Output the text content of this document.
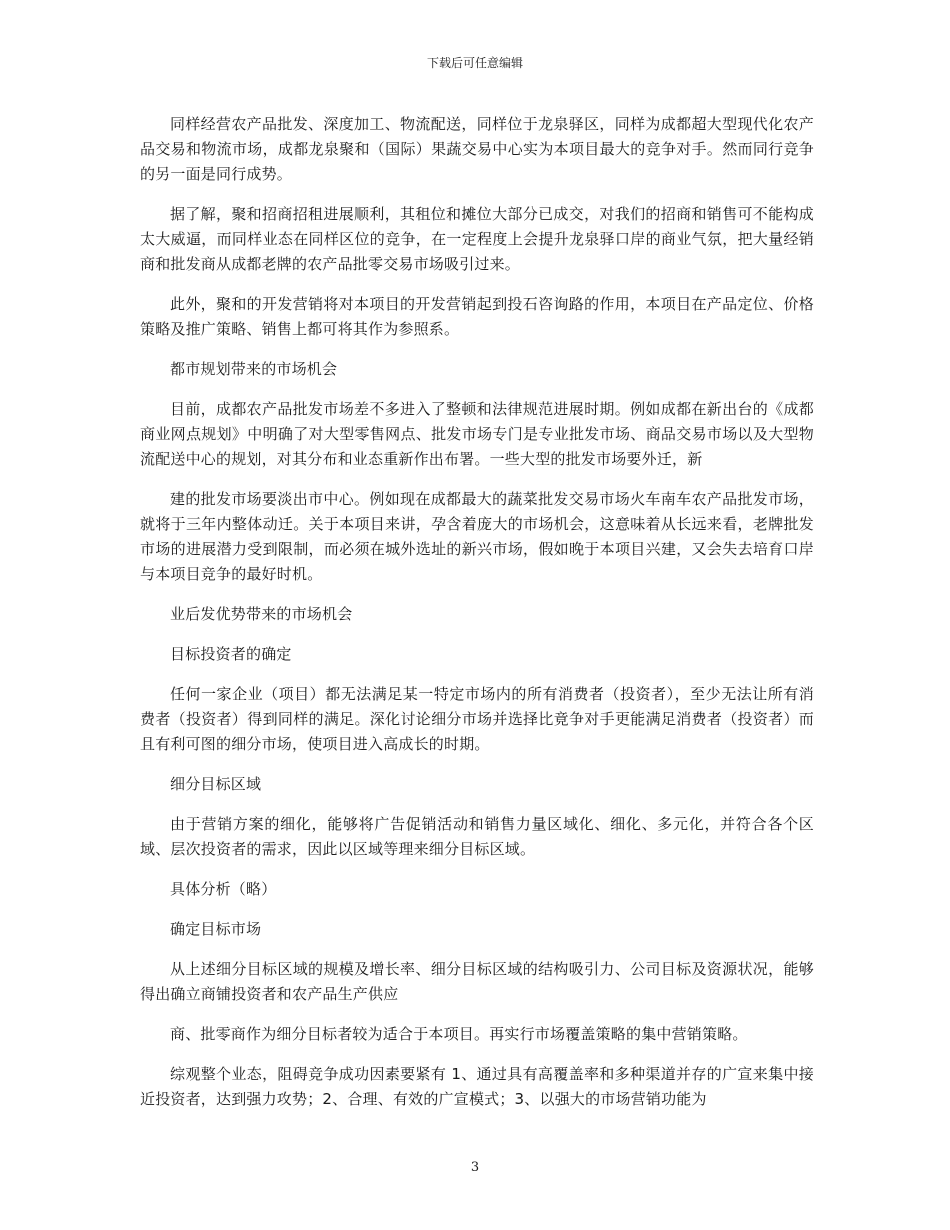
下载后可任意编辑

同样经营农产品批发、深度加工、物流配送，同样位于龙泉驿区，同样为成都超大型现代化农产品交易和物流市场，成都龙泉聚和（国际）果蔬交易中心实为本项目最大的竞争对手。然而同行竞争的另一面是同行成势。

据了解，聚和招商招租进展顺利，其租位和摊位大部分已成交，对我们的招商和销售可不能构成太大威逼，而同样业态在同样区位的竞争，在一定程度上会提升龙泉驿口岸的商业气氛，把大量经销商和批发商从成都老牌的农产品批零交易市场吸引过来。

此外，聚和的开发营销将对本项目的开发营销起到投石咨询路的作用，本项目在产品定位、价格策略及推广策略、销售上都可将其作为参照系。

都市规划带来的市场机会

目前，成都农产品批发市场差不多进入了整顿和法律规范进展时期。例如成都在新出台的《成都商业网点规划》中明确了对大型零售网点、批发市场专门是专业批发市场、商品交易市场以及大型物流配送中心的规划，对其分布和业态重新作出布署。一些大型的批发市场要外迁，新

建的批发市场要淡出市中心。例如现在成都最大的蔬菜批发交易市场火车南车农产品批发市场，就将于三年内整体动迁。关于本项目来讲，孕含着庞大的市场机会，这意味着从长远来看，老牌批发市场的进展潜力受到限制，而必须在城外选址的新兴市场，假如晚于本项目兴建，又会失去培育口岸与本项目竞争的最好时机。

业后发优势带来的市场机会

目标投资者的确定

任何一家企业（项目）都无法满足某一特定市场内的所有消费者（投资者），至少无法让所有消费者（投资者）得到同样的满足。深化讨论细分市场并选择比竟争对手更能满足消费者（投资者）而且有利可图的细分市场，使项目进入高成长的时期。

细分目标区域

由于营销方案的细化，能够将广告促销活动和销售力量区域化、细化、多元化，并符合各个区域、层次投资者的需求，因此以区域等理来细分目标区域。

具体分析（略）

确定目标市场

从上述细分目标区域的规模及增长率、细分目标区域的结构吸引力、公司目标及资源状况，能够得出确立商铺投资者和农产品生产供应

商、批零商作为细分目标者较为适合于本项目。再实行市场覆盖策略的集中营销策略。

综观整个业态，阻碍竞争成功因素要紧有 1、通过具有高覆盖率和多种渠道并存的广宣来集中接近投资者，达到强力攻势；2、合理、有效的广宣模式；3、以强大的市场营销功能为

3
